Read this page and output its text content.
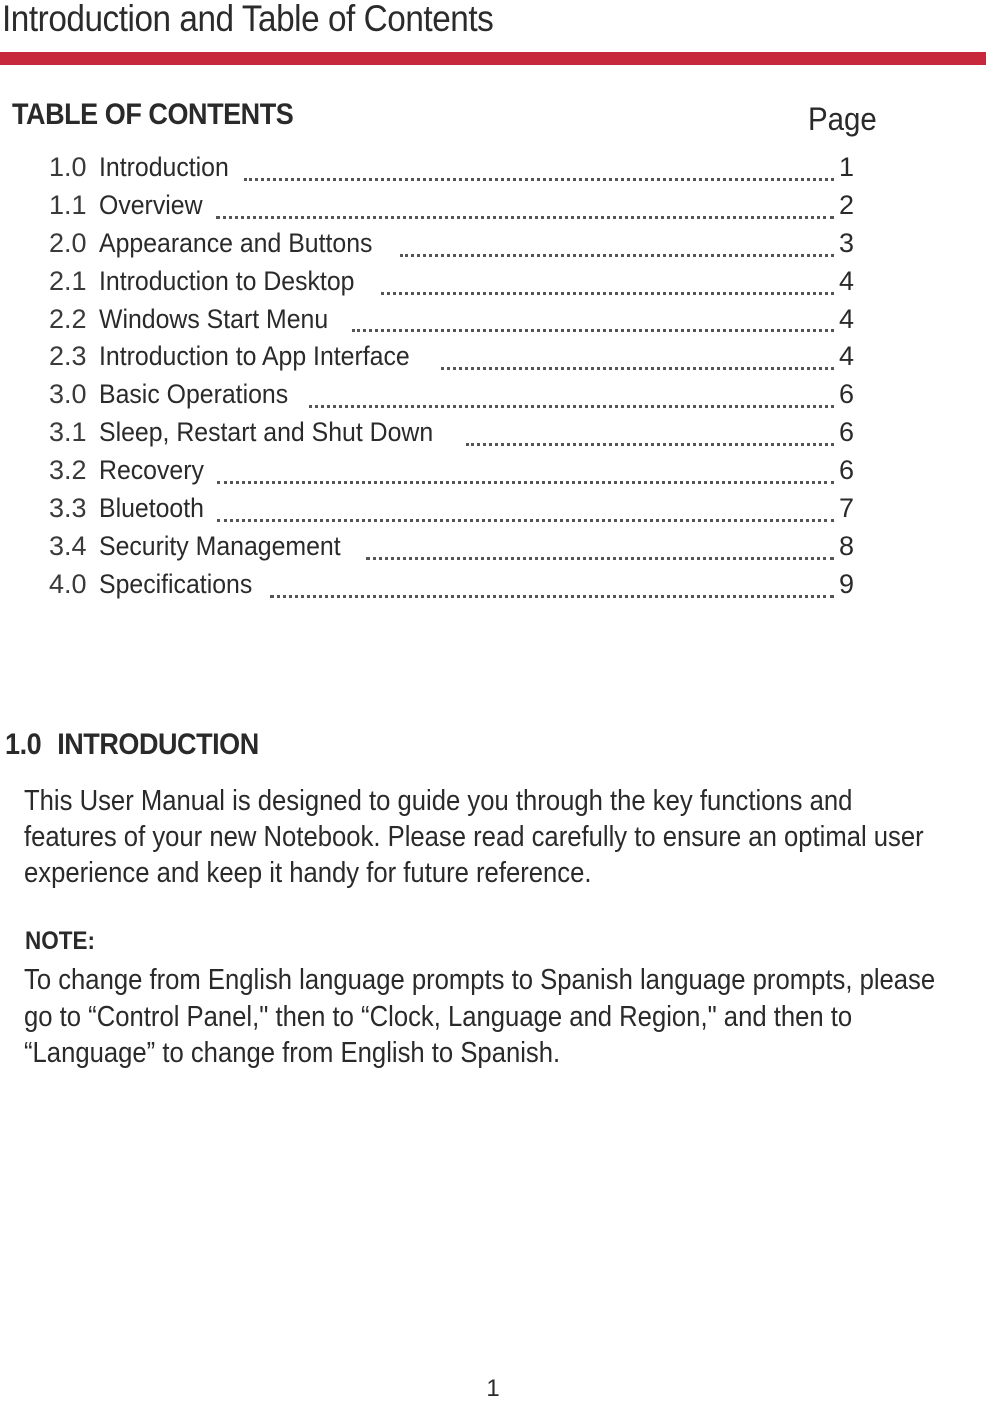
Introduction and Table of Contents
TABLE OF CONTENTS	Page
1.0 Introduction	1
1.1 Overview	2
2.0 Appearance and Buttons	3
2.1 Introduction to Desktop	4
2.2 Windows Start Menu	4
2.3 Introduction to App Interface	4
3.0 Basic Operations	6
3.1 Sleep, Restart and Shut Down	6
3.2 Recovery	6
3.3 Bluetooth	7
3.4 Security Management	8
4.0 Specifications	9
1.0 INTRODUCTION

This User Manual is designed to guide you through the key functions and features of your new Notebook. Please read carefully to ensure an optimal user experience and keep it handy for future reference.

NOTE:

To change from English language prompts to Spanish language prompts, please go to “Control Panel," then to “Clock, Language and Region," and then to “Language” to change from English to Spanish.

1
